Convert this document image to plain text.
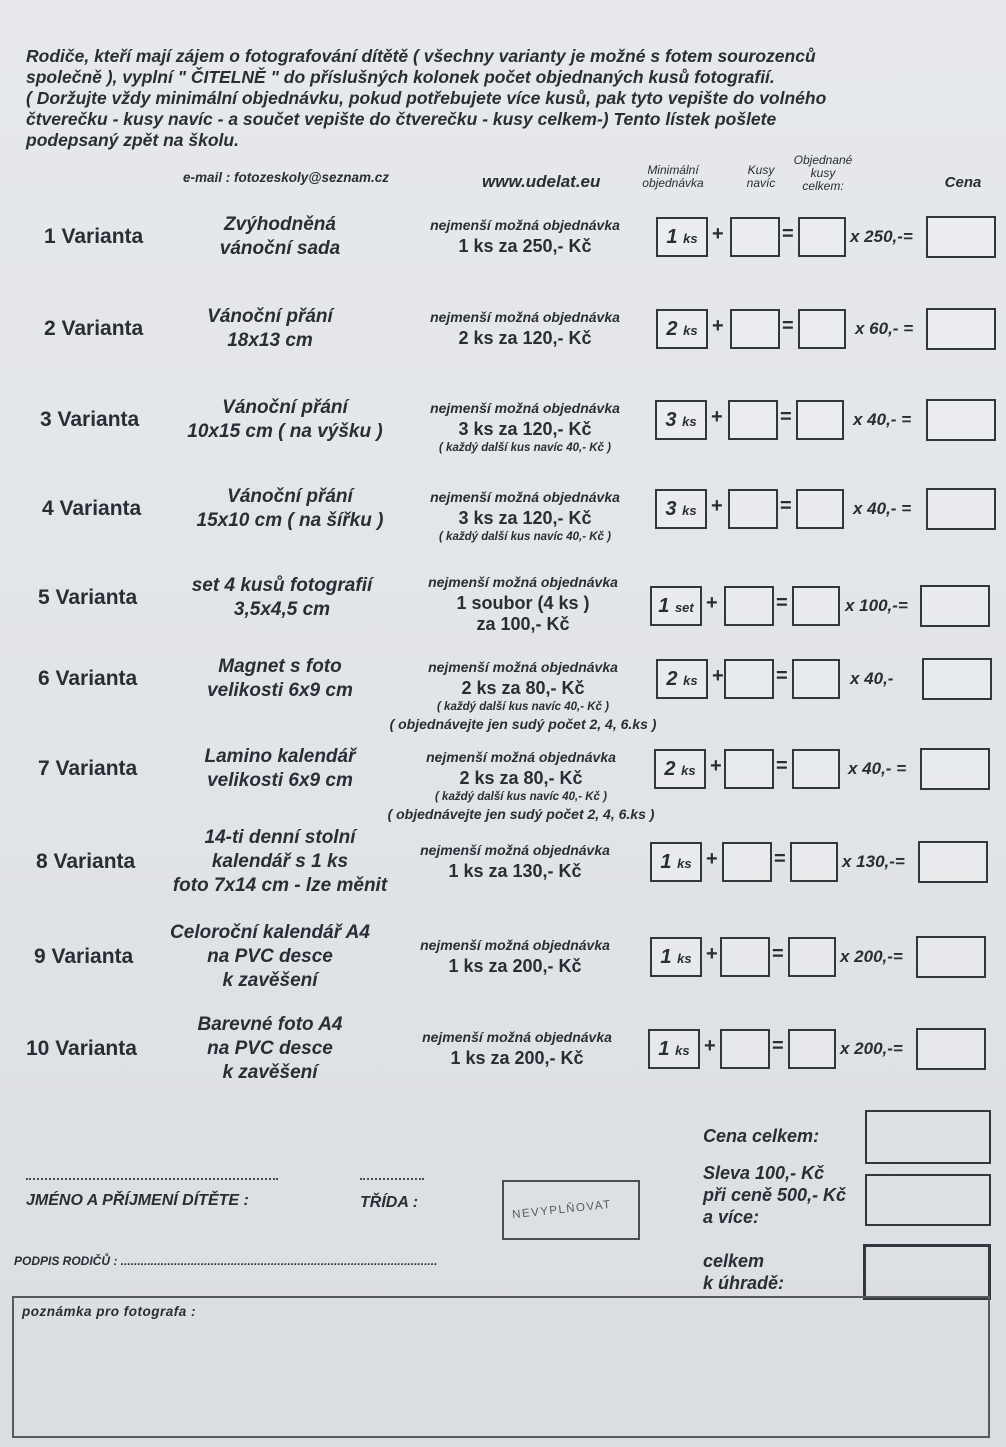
Rodiče, kteří mají zájem o fotografování dítětě ( všechny varianty je možné s fotem sourozenců
společně ), vyplní " ČITELNĚ " do příslušných kolonek počet objednaných kusů fotografií.
( Doržujte vždy minimální objednávku, pokud potřebujete více kusů, pak tyto vepište do volného
čtverečku - kusy navíc - a součet vepište do čtverečku - kusy celkem-) Tento lístek pošlete
podepsaný zpět na školu.
e-mail : fotozeskoly@seznam.cz	www.udelat.eu
Minimální
objednávka
Kusy
navíc
Objednané
kusy
celkem:	Cena
1 Varianta
Zvýhodněná
vánoční sada
nejmenší možná objednávka
1 ks za 250,- Kč	1 ks +	=	x 250,-=
2 Varianta
Vánoční přání
18x13 cm
nejmenší možná objednávka
2 ks za 120,- Kč	2 ks +	=	x 60,- =
3 Varianta
Vánoční přání
10x15 cm ( na výšku )
nejmenší možná objednávka
3 ks za 120,- Kč
( každý další kus navíc 40,- Kč )
3 ks +	=	x 40,- =
4 Varianta
Vánoční přání
15x10 cm ( na šířku )
nejmenší možná objednávka
3 ks za 120,- Kč
( každý další kus navíc 40,- Kč )
3 ks +	=	x 40,- =
5 Varianta
set 4 kusů fotografií
3,5x4,5 cm
nejmenší možná objednávka
1 soubor (4 ks )
za 100,- Kč
1 set +	=	x 100,-=
6 Varianta
Magnet s foto
velikosti 6x9 cm
nejmenší možná objednávka
2 ks za 80,- Kč
( každý další kus navíc 40,- Kč )
( objednávejte jen sudý počet 2, 4, 6.ks )
2 ks +	=	x 40,-
7 Varianta
Lamino kalendář
velikosti 6x9 cm
nejmenší možná objednávka
2 ks za 80,- Kč
( každý další kus navíc 40,- Kč )
( objednávejte jen sudý počet 2, 4, 6.ks )
2 ks +	=	x 40,- =
8 Varianta
14-ti denní stolní
kalendář s 1 ks
foto 7x14 cm - lze měnit
nejmenší možná objednávka
1 ks za 130,- Kč	1 ks +	=	x 130,-=
9 Varianta
Celoroční kalendář A4
na PVC desce
k zavěšení
nejmenší možná objednávka
1 ks za 200,- Kč	1 ks +	=	x 200,-=
10 Varianta
Barevné foto A4
na PVC desce
k zavěšení
nejmenší možná objednávka
1 ks za 200,- Kč	1 ks +	=	x 200,-=
JMÉNO A PŘÍJMENÍ DÍTĚTE :	TŘÍDA :	NEVYPLŇOVAT
PODPIS RODIČŮ : ...............................................................................................
Cena celkem:
Sleva 100,- Kč
při ceně 500,- Kč
a více:
celkem
k úhradě:
poznámka pro fotografa :
